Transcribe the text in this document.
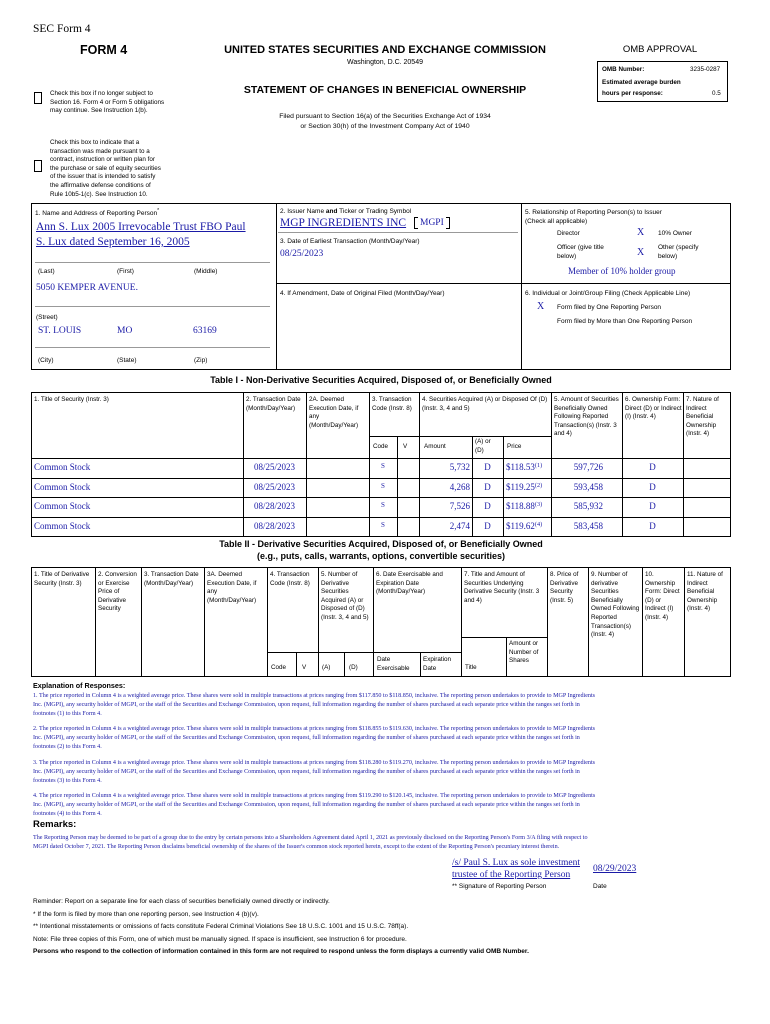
SEC Form 4
FORM 4	UNITED STATES SECURITIES AND EXCHANGE COMMISSION
Washington, D.C. 20549
OMB APPROVAL
OMB Number:	3235-0287
Estimated average burden
hours per response:	0.5
Check this box if no longer subject to Section 16. Form 4 or Form 5 obligations may continue. See Instruction 1(b).
STATEMENT OF CHANGES IN BENEFICIAL OWNERSHIP
Filed pursuant to Section 16(a) of the Securities Exchange Act of 1934
or Section 30(h) of the Investment Company Act of 1940
Check this box to indicate that a transaction was made pursuant to a contract, instruction or written plan for the purchase or sale of equity securities of the issuer that is intended to satisfy the affirmative defense conditions of Rule 10b5-1(c). See Instruction 10.
1. Name and Address of Reporting Person*
Ann S. Lux 2005 Irrevocable Trust FBO Paul
S. Lux dated September 16, 2005
(Last)	(First)	(Middle)
5050 KEMPER AVENUE.
(Street)
ST. LOUIS	MO	63169
(City)	(State)	(Zip)
2. Issuer Name and Ticker or Trading Symbol
MGP INGREDIENTS INC	MGPI
3. Date of Earliest Transaction (Month/Day/Year)
08/25/2023
4. If Amendment, Date of Original Filed (Month/Day/Year)
5. Relationship of Reporting Person(s) to Issuer
(Check all applicable)
Director	X 10% Owner
Officer (give title below)	X Other (specify below)
Member of 10% holder group
6. Individual or Joint/Group Filing (Check Applicable Line)
X Form filed by One Reporting Person
Form filed by More than One Reporting Person
Table I - Non-Derivative Securities Acquired, Disposed of, or Beneficially Owned
1. Title of Security (Instr. 3)	2. Transaction Date (Month/Day/Year)
2A. Deemed Execution Date, if any (Month/Day/Year)
3. Transaction Code (Instr. 8)
4. Securities Acquired (A) or Disposed Of (D) (Instr. 3, 4 and 5)
5. Amount of Securities Beneficially Owned Following Reported Transaction(s) (Instr. 3 and 4)
6. Ownership Form: Direct (D) or Indirect (I) (Instr. 4)
7. Nature of Indirect Beneficial Ownership (Instr. 4)
Code V	Amount
(A) or (D)
Price
Common Stock	08/25/2023	S	5,732	D	$118.53$^{(1)}$	597,726	D
Common Stock	08/25/2023	S	4,268	D	$119.25$^{(2)}$	593,458	D
Common Stock	08/28/2023	S	7,526	D	$118.88$^{(3)}$	585,932	D
Common Stock	08/28/2023	S	2,474	D	$119.62$^{(4)}$	583,458	D
Table II - Derivative Securities Acquired, Disposed of, or Beneficially Owned
(e.g., puts, calls, warrants, options, convertible securities)
1. Title of Derivative Security (Instr. 3)
2. Conversion or Exercise Price of Derivative Security
3. Transaction Date (Month/Day/Year)
3A. Deemed Execution Date, if any (Month/Day/Year)
4. Transaction Code (Instr. 8)
5. Number of Derivative Securities Acquired (A) or Disposed of (D) (Instr. 3, 4 and 5)
6. Date Exercisable and Expiration Date (Month/Day/Year)
7. Title and Amount of Securities Underlying Derivative Security (Instr. 3 and 4)
8. Price of Derivative Security (Instr. 5)
9. Number of derivative Securities Beneficially Owned Following Reported Transaction(s) (Instr. 4)
10. Ownership Form: Direct (D) or Indirect (I) (Instr. 4)
11. Nature of Indirect Beneficial Ownership (Instr. 4)
Code	V	(A)	(D)
Date Exercisable
Expiration Date	Title
Amount or Number of Shares
Explanation of Responses:
1. The price reported in Column 4 is a weighted average price. These shares were sold in multiple transactions at prices ranging from $117.850 to $118.850, inclusive. The reporting person undertakes to provide to MGP Ingredients
Inc. (MGPI), any security holder of MGPI, or the staff of the Securities and Exchange Commission, upon request, full information regarding the number of shares purchased at each separate price within the ranges set forth in
footnotes (1) to this Form 4.
2. The price reported in Column 4 is a weighted average price. These shares were sold in multiple transactions at prices ranging from $118.855 to $119.630, inclusive. The reporting person undertakes to provide to MGP Ingredients
Inc. (MGPI), any security holder of MGPI, or the staff of the Securities and Exchange Commission, upon request, full information regarding the number of shares purchased at each separate price within the ranges set forth in
footnotes (2) to this Form 4.
3. The price reported in Column 4 is a weighted average price. These shares were sold in multiple transactions at prices ranging from $118.280 to $119.270, inclusive. The reporting person undertakes to provide to MGP Ingredients
Inc. (MGPI), any security holder of MGPI, or the staff of the Securities and Exchange Commission, upon request, full information regarding the number of shares purchased at each separate price within the ranges set forth in
footnotes (3) to this Form 4.
4. The price reported in Column 4 is a weighted average price. These shares were sold in multiple transactions at prices ranging from $119.290 to $120.145, inclusive. The reporting person undertakes to provide to MGP Ingredients
Inc. (MGPI), any security holder of MGPI, or the staff of the Securities and Exchange Commission, upon request, full information regarding the number of shares purchased at each separate price within the ranges set forth in
footnotes (4) to this Form 4.
Remarks:
The Reporting Person may be deemed to be part of a group due to the entry by certain persons into a Shareholders Agreement dated April 1, 2021 as previously disclosed on the Reporting Person's Form 3/A filing with respect to
MGPI dated October 7, 2021. The Reporting Person disclaims beneficial ownership of the shares of the Issuer's common stock reported herein, except to the extent of the Reporting Person's pecuniary interest therein.
/s/ Paul S. Lux as sole investment
trustee of the Reporting Person
08/29/2023
** Signature of Reporting Person	Date
Reminder: Report on a separate line for each class of securities beneficially owned directly or indirectly.
* If the form is filed by more than one reporting person, see Instruction 4 (b)(v).
** Intentional misstatements or omissions of facts constitute Federal Criminal Violations See 18 U.S.C. 1001 and 15 U.S.C. 78ff(a).
Note: File three copies of this Form, one of which must be manually signed. If space is insufficient, see Instruction 6 for procedure.
Persons who respond to the collection of information contained in this form are not required to respond unless the form displays a currently valid OMB Number.
